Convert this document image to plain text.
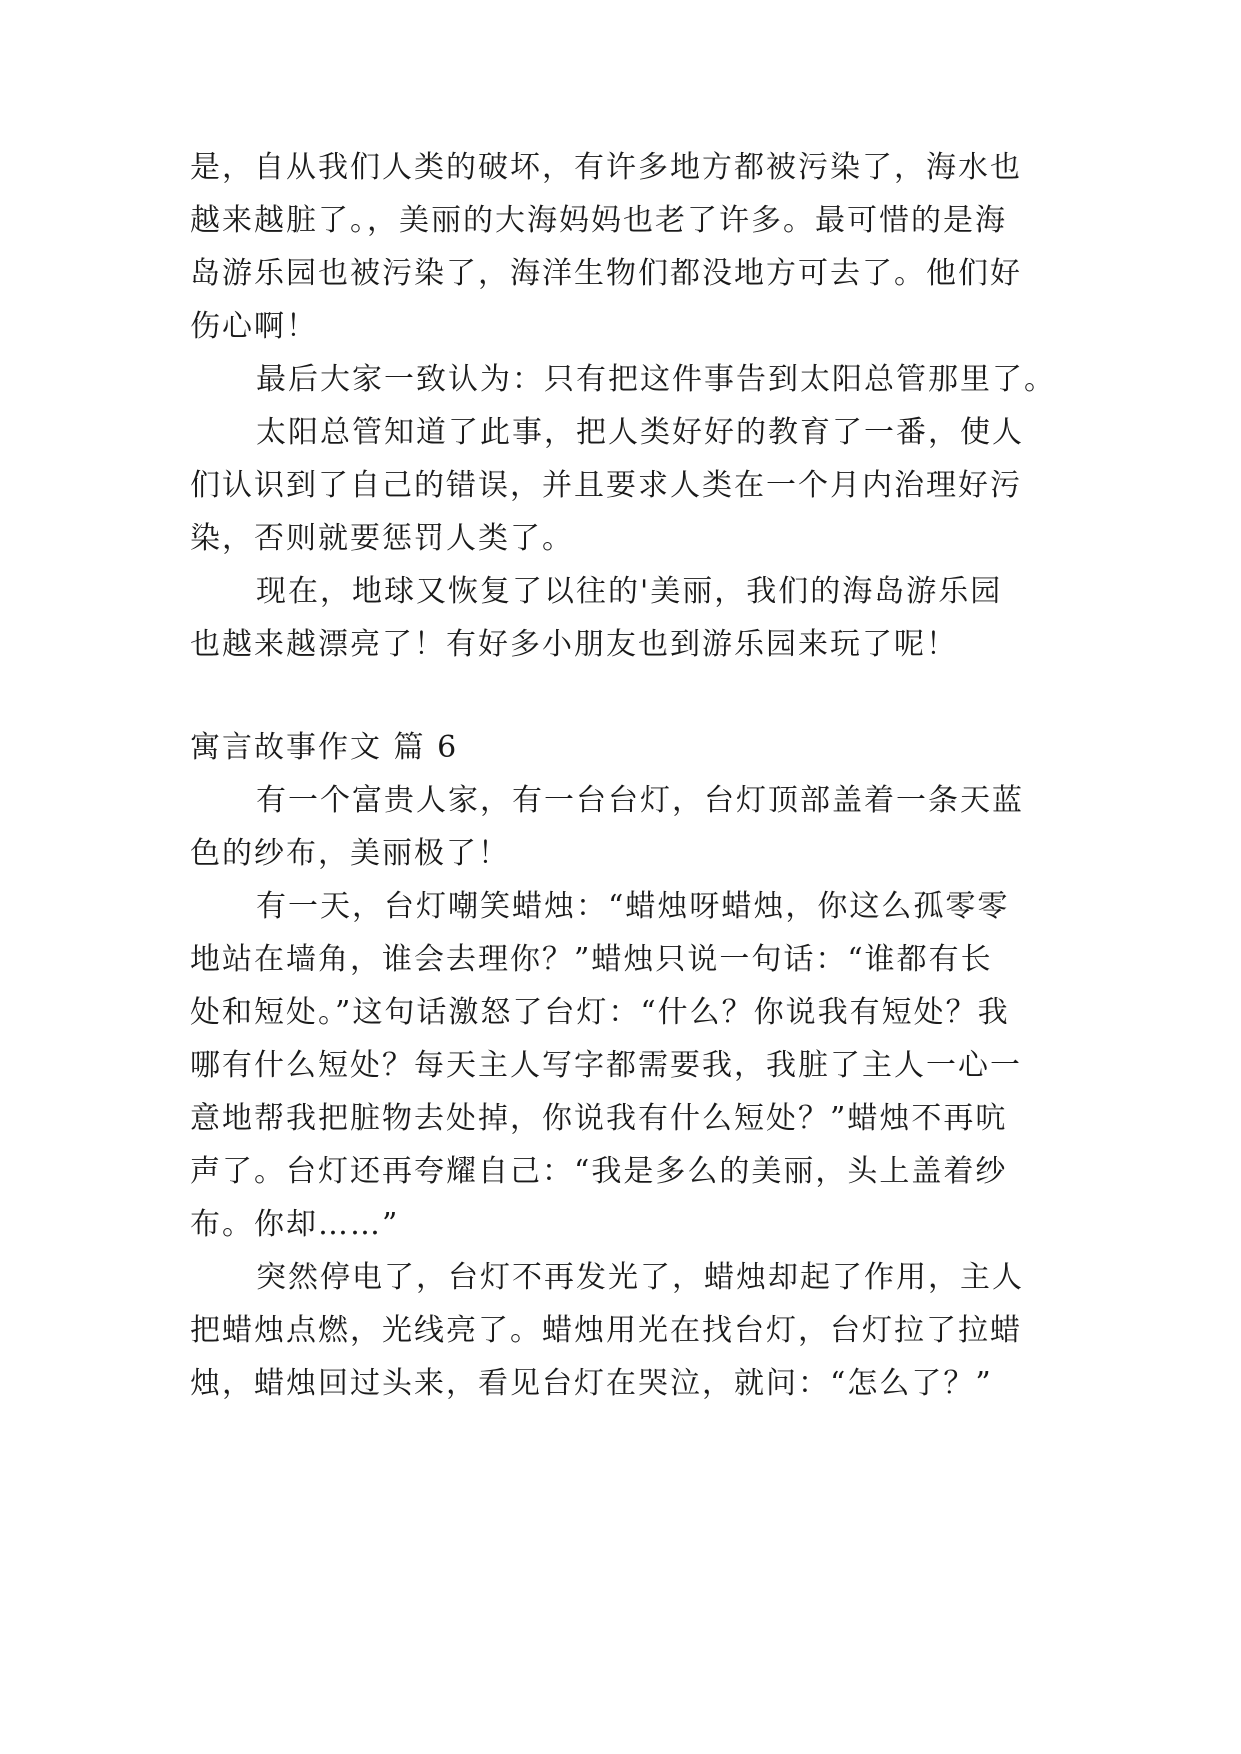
是，自从我们人类的破坏，有许多地方都被污染了，海水也
越来越脏了。，美丽的大海妈妈也老了许多。最可惜的是海
岛游乐园也被污染了，海洋生物们都没地方可去了。他们好
伤心啊！
最后大家一致认为：只有把这件事告到太阳总管那里了。
太阳总管知道了此事，把人类好好的教育了一番，使人
们认识到了自己的错误，并且要求人类在一个月内治理好污
染，否则就要惩罚人类了。
现在，地球又恢复了以往的'美丽，我们的海岛游乐园
也越来越漂亮了！有好多小朋友也到游乐园来玩了呢！
寓言故事作文 篇 6
有一个富贵人家，有一台台灯，台灯顶部盖着一条天蓝
色的纱布，美丽极了！
有一天，台灯嘲笑蜡烛：“蜡烛呀蜡烛，你这么孤零零
地站在墙角，谁会去理你？”蜡烛只说一句话：“谁都有长
处和短处。”这句话激怒了台灯：“什么？你说我有短处？我
哪有什么短处？每天主人写字都需要我，我脏了主人一心一
意地帮我把脏物去处掉，你说我有什么短处？”蜡烛不再吭
声了。台灯还再夸耀自己：“我是多么的美丽，头上盖着纱
布。你却……”
突然停电了，台灯不再发光了，蜡烛却起了作用，主人
把蜡烛点燃，光线亮了。蜡烛用光在找台灯，台灯拉了拉蜡
烛，蜡烛回过头来，看见台灯在哭泣，就问：“怎么了？”
